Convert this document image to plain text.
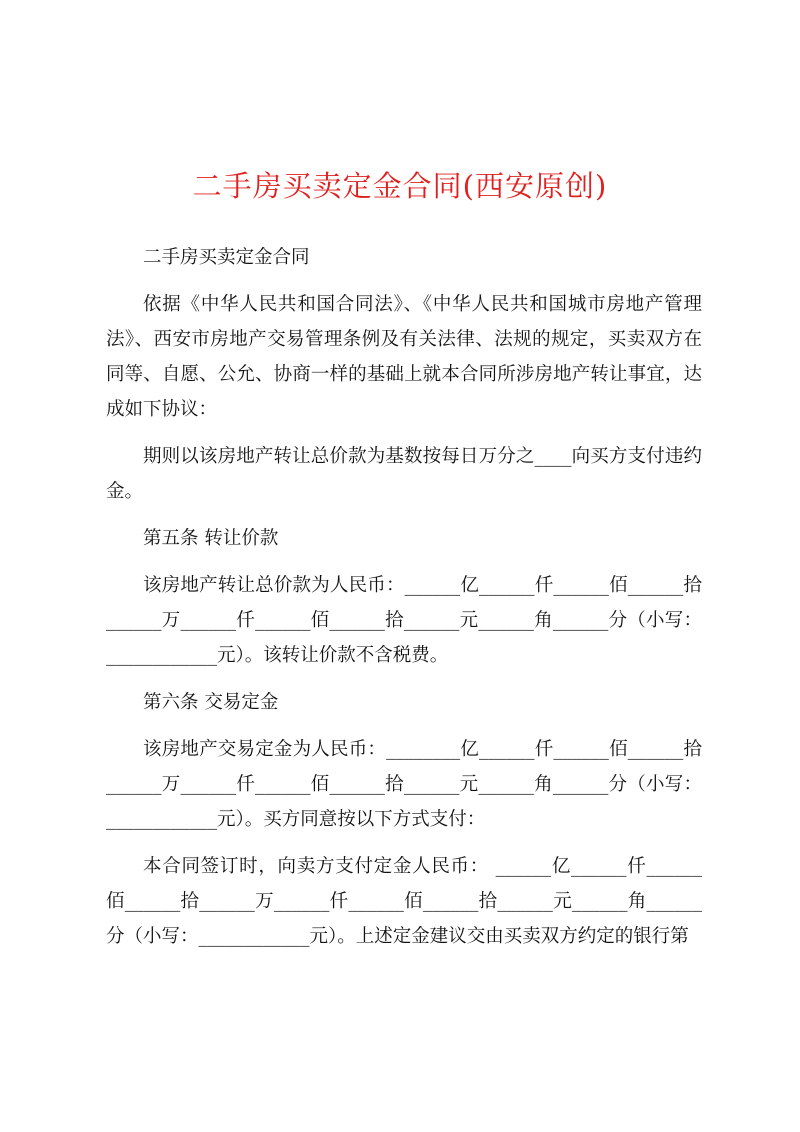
二手房买卖定金合同(西安原创)

二手房买卖定金合同

依据《中华人民共和国合同法》、《中华人民共和国城市房地产管理法》、西安市房地产交易管理条例及有关法律、法规的规定，买卖双方在同等、自愿、公允、协商一样的基础上就本合同所涉房地产转让事宜，达成如下协议：

期则以该房地产转让总价款为基数按每日万分之____向买方支付违约金。

第五条 转让价款

该房地产转让总价款为人民币：______亿______仟______佰______拾______万______仟______佰______拾______元______角______分（小写：____________元）。该转让价款不含税费。

第六条 交易定金

该房地产交易定金为人民币：________亿______仟______佰______拾______万______仟______佰______拾______元______角______分（小写：____________元）。买方同意按以下方式支付：

本合同签订时，向卖方支付定金人民币： ______亿______仟______佰______拾______万______仟______佰______拾______元______角______分（小写：____________元）。上述定金建议交由买卖双方约定的银行第
